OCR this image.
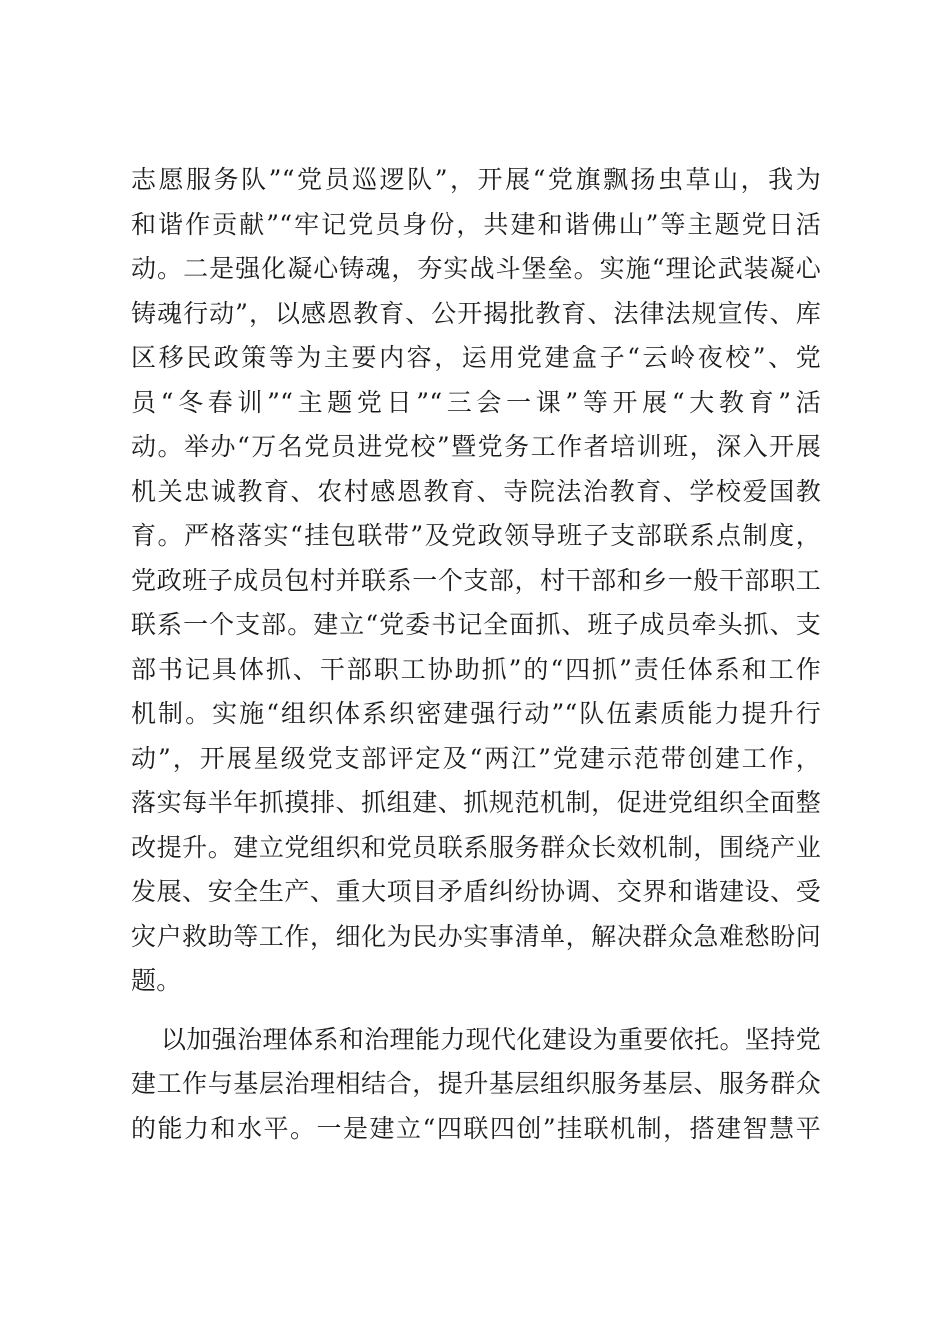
志愿服务队”“党员巡逻队”，开展“党旗飘扬虫草山，我为
和谐作贡献”“牢记党员身份，共建和谐佛山”等主题党日活
动。二是强化凝心铸魂，夯实战斗堡垒。实施“理论武装凝心
铸魂行动”，以感恩教育、公开揭批教育、法律法规宣传、库
区移民政策等为主要内容，运用党建盒子“云岭夜校”、党
员“冬春训”“主题党日”“三会一课”等开展“大教育”活
动。举办“万名党员进党校”暨党务工作者培训班，深入开展
机关忠诚教育、农村感恩教育、寺院法治教育、学校爱国教
育。严格落实“挂包联带”及党政领导班子支部联系点制度，
党政班子成员包村并联系一个支部，村干部和乡一般干部职工
联系一个支部。建立“党委书记全面抓、班子成员牵头抓、支
部书记具体抓、干部职工协助抓”的“四抓”责任体系和工作
机制。实施“组织体系织密建强行动”“队伍素质能力提升行
动”，开展星级党支部评定及“两江”党建示范带创建工作，
落实每半年抓摸排、抓组建、抓规范机制，促进党组织全面整
改提升。建立党组织和党员联系服务群众长效机制，围绕产业
发展、安全生产、重大项目矛盾纠纷协调、交界和谐建设、受
灾户救助等工作，细化为民办实事清单，解决群众急难愁盼问
题。
以加强治理体系和治理能力现代化建设为重要依托。坚持党
建工作与基层治理相结合，提升基层组织服务基层、服务群众
的能力和水平。一是建立“四联四创”挂联机制，搭建智慧平
